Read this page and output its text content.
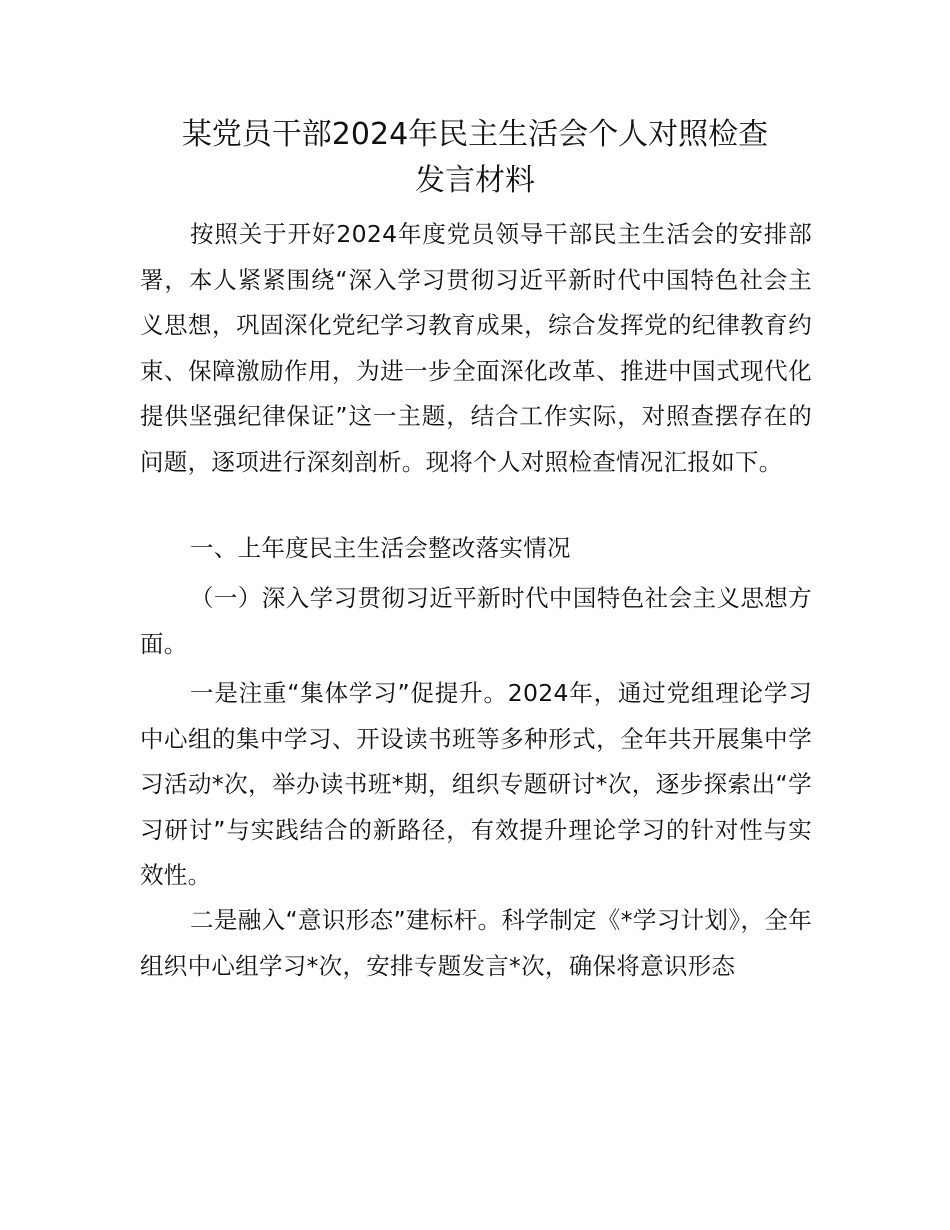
某党员干部2024年民主生活会个人对照检查
发言材料

按照关于开好2024年度党员领导干部民主生活会的安排部署，本人紧紧围绕“深入学习贯彻习近平新时代中国特色社会主义思想，巩固深化党纪学习教育成果，综合发挥党的纪律教育约束、保障激励作用，为进一步全面深化改革、推进中国式现代化提供坚强纪律保证”这一主题，结合工作实际，对照查摆存在的问题，逐项进行深刻剖析。现将个人对照检查情况汇报如下。

一、上年度民主生活会整改落实情况

（一）深入学习贯彻习近平新时代中国特色社会主义思想方面。

一是注重“集体学习”促提升。2024年，通过党组理论学习中心组的集中学习、开设读书班等多种形式，全年共开展集中学习活动*次，举办读书班*期，组织专题研讨*次，逐步探索出“学习研讨”与实践结合的新路径，有效提升理论学习的针对性与实效性。

二是融入“意识形态”建标杆。科学制定《*学习计划》，全年组织中心组学习*次，安排专题发言*次，确保将意识形态
